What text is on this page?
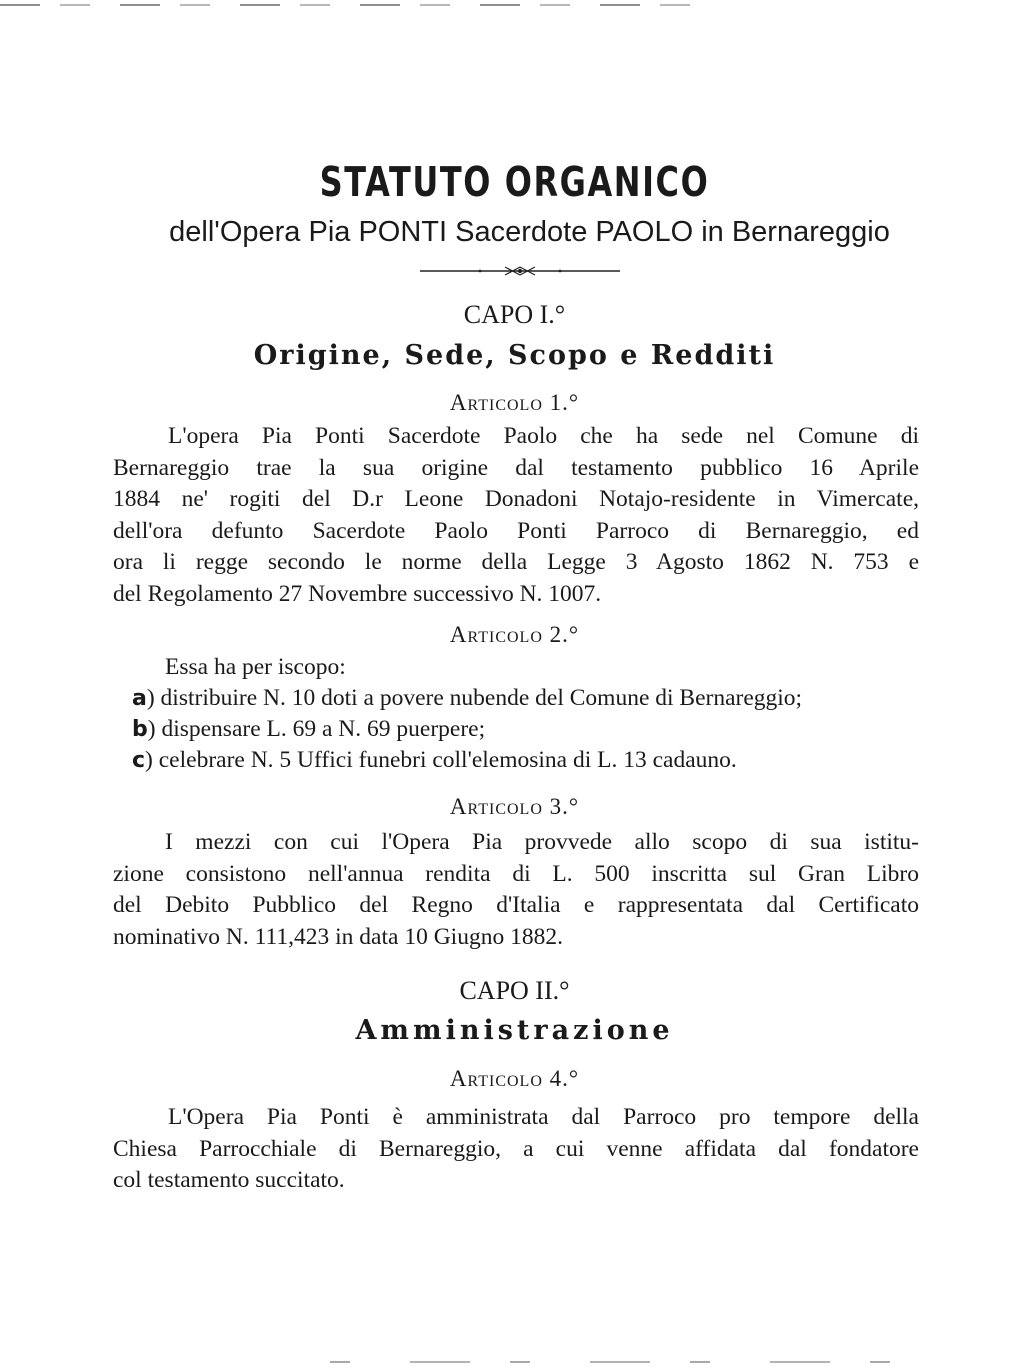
STATUTO ORGANICO
dell'Opera Pia PONTI Sacerdote PAOLO in Bernareggio
CAPO I.°
Origine, Sede, Scopo e Redditi
Articolo 1.°
L'opera Pia Ponti Sacerdote Paolo che ha sede nel Comune di
Bernareggio trae la sua origine dal testamento pubblico 16 Aprile
1884 ne' rogiti del D.r Leone Donadoni Notajo-residente in Vimercate,
dell'ora defunto Sacerdote Paolo Ponti Parroco di Bernareggio, ed
ora li regge secondo le norme della Legge 3 Agosto 1862 N. 753 e
del Regolamento 27 Novembre successivo N. 1007.
Articolo 2.°
Essa ha per iscopo:
a) distribuire N. 10 doti a povere nubende del Comune di Bernareggio;
b) dispensare L. 69 a N. 69 puerpere;
c) celebrare N. 5 Uffici funebri coll'elemosina di L. 13 cadauno.
Articolo 3.°
I mezzi con cui l'Opera Pia provvede allo scopo di sua istitu-
zione consistono nell'annua rendita di L. 500 inscritta sul Gran Libro
del Debito Pubblico del Regno d'Italia e rappresentata dal Certificato
nominativo N. 111,423 in data 10 Giugno 1882.
CAPO II.°
Amministrazione
Articolo 4.°
L'Opera Pia Ponti è amministrata dal Parroco pro tempore della
Chiesa Parrocchiale di Bernareggio, a cui venne affidata dal fondatore
col testamento succitato.
